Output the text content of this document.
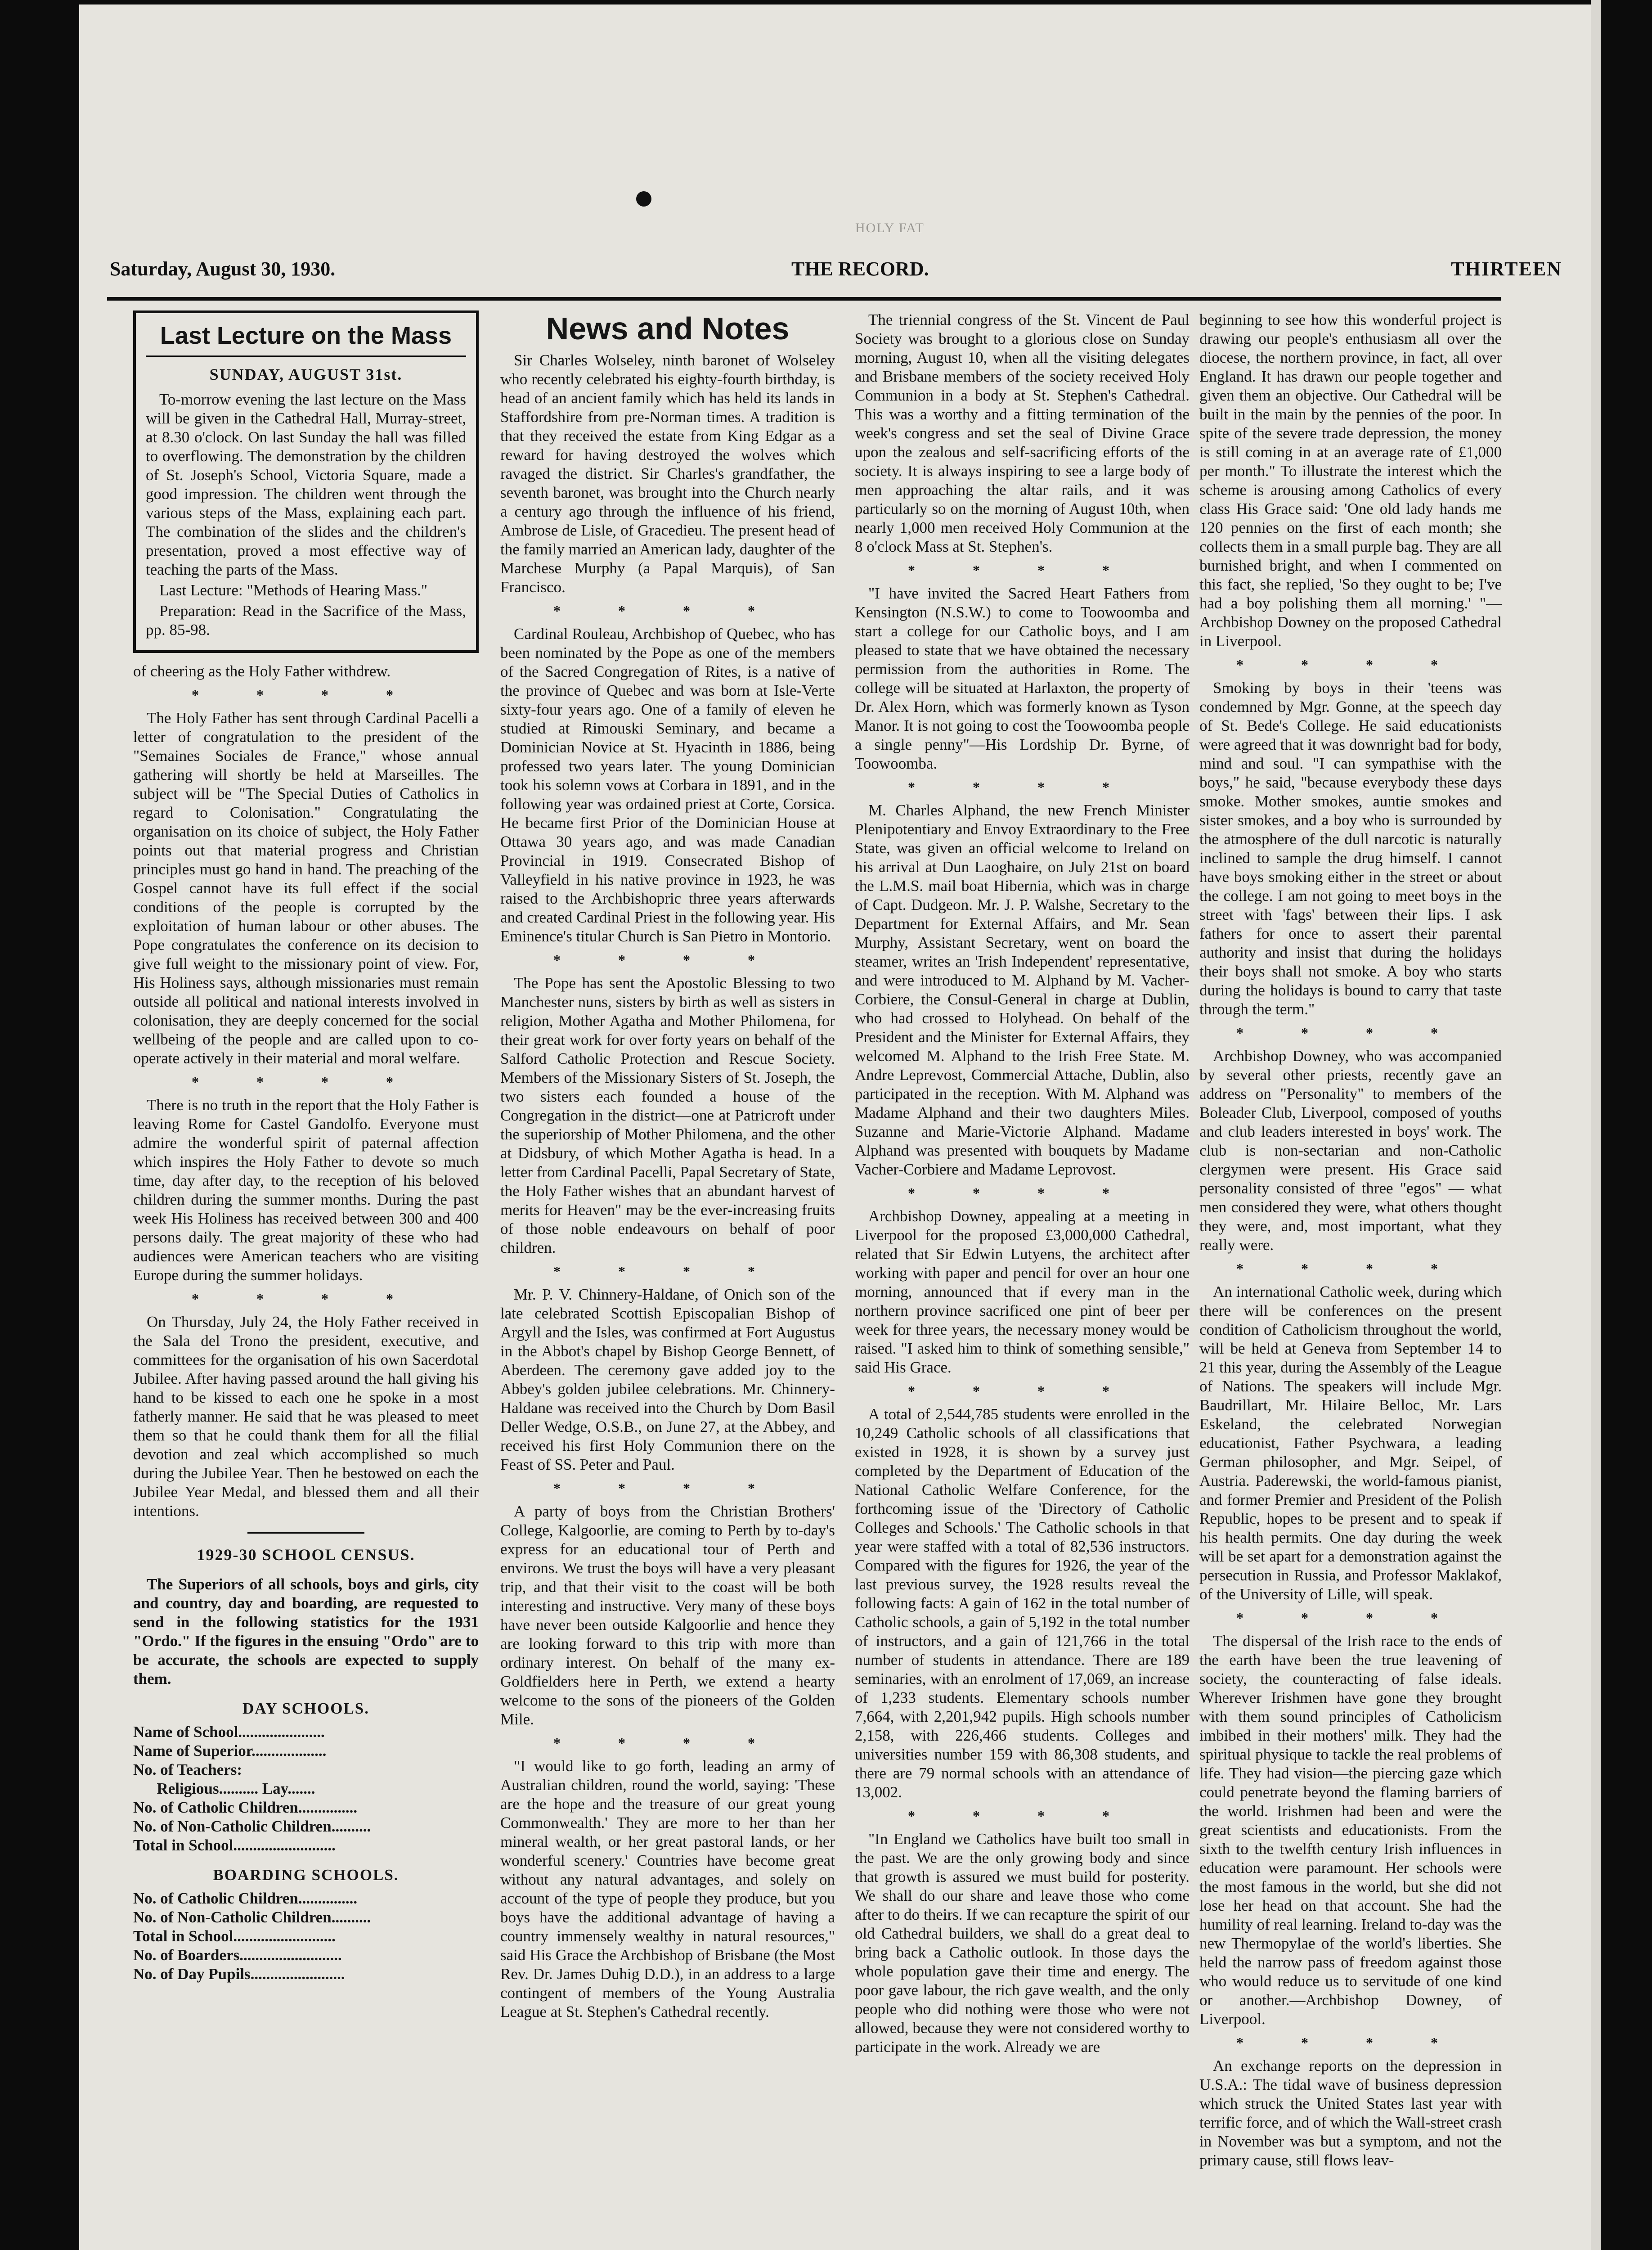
HOLY FAT
Saturday, August 30, 1930.	THE RECORD.	THIRTEEN
Last Lecture on the Mass
SUNDAY, AUGUST 31st.

To-morrow evening the last lecture on the Mass will be given in the Cathedral Hall, Murray-street, at 8.30 o'clock. On last Sunday the hall was filled to overflowing. The demonstration by the children of St. Joseph's School, Victoria Square, made a good impression. The children went through the various steps of the Mass, explaining each part. The combination of the slides and the children's presentation, proved a most effective way of teaching the parts of the Mass.

Last Lecture: "Methods of Hearing Mass."

Preparation: Read in the Sacrifice of the Mass, pp. 85-98.

of cheering as the Holy Father withdrew.

* * * *

The Holy Father has sent through Cardinal Pacelli a letter of congratulation to the president of the "Semaines Sociales de France," whose annual gathering will shortly be held at Marseilles. The subject will be "The Special Duties of Catholics in regard to Colonisation." Congratulating the organisation on its choice of subject, the Holy Father points out that material progress and Christian principles must go hand in hand. The preaching of the Gospel cannot have its full effect if the social conditions of the people is corrupted by the exploitation of human labour or other abuses. The Pope congratulates the conference on its decision to give full weight to the missionary point of view. For, His Holiness says, although missionaries must remain outside all political and national interests involved in colonisation, they are deeply concerned for the social wellbeing of the people and are called upon to co-operate actively in their material and moral welfare.

* * * *

There is no truth in the report that the Holy Father is leaving Rome for Castel Gandolfo. Everyone must admire the wonderful spirit of paternal affection which inspires the Holy Father to devote so much time, day after day, to the reception of his beloved children during the summer months. During the past week His Holiness has received between 300 and 400 persons daily. The great majority of these who had audiences were American teachers who are visiting Europe during the summer holidays.

* * * *

On Thursday, July 24, the Holy Father received in the Sala del Trono the president, executive, and committees for the organisation of his own Sacerdotal Jubilee. After having passed around the hall giving his hand to be kissed to each one he spoke in a most fatherly manner. He said that he was pleased to meet them so that he could thank them for all the filial devotion and zeal which accomplished so much during the Jubilee Year. Then he bestowed on each the Jubilee Year Medal, and blessed them and all their intentions.

1929-30 SCHOOL CENSUS.

The Superiors of all schools, boys and girls, city and country, day and boarding, are requested to send in the following statistics for the 1931 "Ordo." If the figures in the ensuing "Ordo" are to be accurate, the schools are expected to supply them.

DAY SCHOOLS.
Name of School......................
Name of Superior...................
No. of Teachers:
Religious.......... Lay.......
No. of Catholic Children...............
No. of Non-Catholic Children..........
Total in School..........................
BOARDING SCHOOLS.
No. of Catholic Children...............
No. of Non-Catholic Children..........
Total in School..........................
No. of Boarders..........................
No. of Day Pupils........................
News and Notes

Sir Charles Wolseley, ninth baronet of Wolseley who recently celebrated his eighty-fourth birthday, is head of an ancient family which has held its lands in Staffordshire from pre-Norman times. A tradition is that they received the estate from King Edgar as a reward for having destroyed the wolves which ravaged the district. Sir Charles's grandfather, the seventh baronet, was brought into the Church nearly a century ago through the influence of his friend, Ambrose de Lisle, of Gracedieu. The present head of the family married an American lady, daughter of the Marchese Murphy (a Papal Marquis), of San Francisco.

* * * *

Cardinal Rouleau, Archbishop of Quebec, who has been nominated by the Pope as one of the members of the Sacred Congregation of Rites, is a native of the province of Quebec and was born at Isle-Verte sixty-four years ago. One of a family of eleven he studied at Rimouski Seminary, and became a Dominician Novice at St. Hyacinth in 1886, being professed two years later. The young Dominician took his solemn vows at Corbara in 1891, and in the following year was ordained priest at Corte, Corsica. He became first Prior of the Dominician House at Ottawa 30 years ago, and was made Canadian Provincial in 1919. Consecrated Bishop of Valleyfield in his native province in 1923, he was raised to the Archbishopric three years afterwards and created Cardinal Priest in the following year. His Eminence's titular Church is San Pietro in Montorio.

* * * *

The Pope has sent the Apostolic Blessing to two Manchester nuns, sisters by birth as well as sisters in religion, Mother Agatha and Mother Philomena, for their great work for over forty years on behalf of the Salford Catholic Protection and Rescue Society. Members of the Missionary Sisters of St. Joseph, the two sisters each founded a house of the Congregation in the district—one at Patricroft under the superiorship of Mother Philomena, and the other at Didsbury, of which Mother Agatha is head. In a letter from Cardinal Pacelli, Papal Secretary of State, the Holy Father wishes that an abundant harvest of merits for Heaven" may be the ever-increasing fruits of those noble endeavours on behalf of poor children.

* * * *

Mr. P. V. Chinnery-Haldane, of Onich son of the late celebrated Scottish Episcopalian Bishop of Argyll and the Isles, was confirmed at Fort Augustus in the Abbot's chapel by Bishop George Bennett, of Aberdeen. The ceremony gave added joy to the Abbey's golden jubilee celebrations. Mr. Chinnery-Haldane was received into the Church by Dom Basil Deller Wedge, O.S.B., on June 27, at the Abbey, and received his first Holy Communion there on the Feast of SS. Peter and Paul.

* * * *

A party of boys from the Christian Brothers' College, Kalgoorlie, are coming to Perth by to-day's express for an educational tour of Perth and environs. We trust the boys will have a very pleasant trip, and that their visit to the coast will be both interesting and instructive. Very many of these boys have never been outside Kalgoorlie and hence they are looking forward to this trip with more than ordinary interest. On behalf of the many ex-Goldfielders here in Perth, we extend a hearty welcome to the sons of the pioneers of the Golden Mile.

* * * *

"I would like to go forth, leading an army of Australian children, round the world, saying: 'These are the hope and the treasure of our great young Commonwealth.' They are more to her than her mineral wealth, or her great pastoral lands, or her wonderful scenery.' Countries have become great without any natural advantages, and solely on account of the type of people they produce, but you boys have the additional advantage of having a country immensely wealthy in natural resources," said His Grace the Archbishop of Brisbane (the Most Rev. Dr. James Duhig D.D.), in an address to a large contingent of members of the Young Australia League at St. Stephen's Cathedral recently.

The triennial congress of the St. Vincent de Paul Society was brought to a glorious close on Sunday morning, August 10, when all the visiting delegates and Brisbane members of the society received Holy Communion in a body at St. Stephen's Cathedral. This was a worthy and a fitting termination of the week's congress and set the seal of Divine Grace upon the zealous and self-sacrificing efforts of the society. It is always inspiring to see a large body of men approaching the altar rails, and it was particularly so on the morning of August 10th, when nearly 1,000 men received Holy Communion at the 8 o'clock Mass at St. Stephen's.

* * * *

"I have invited the Sacred Heart Fathers from Kensington (N.S.W.) to come to Toowoomba and start a college for our Catholic boys, and I am pleased to state that we have obtained the necessary permission from the authorities in Rome. The college will be situated at Harlaxton, the property of Dr. Alex Horn, which was formerly known as Tyson Manor. It is not going to cost the Toowoomba people a single penny"—His Lordship Dr. Byrne, of Toowoomba.

* * * *

M. Charles Alphand, the new French Minister Plenipotentiary and Envoy Extraordinary to the Free State, was given an official welcome to Ireland on his arrival at Dun Laoghaire, on July 21st on board the L.M.S. mail boat Hibernia, which was in charge of Capt. Dudgeon. Mr. J. P. Walshe, Secretary to the Department for External Affairs, and Mr. Sean Murphy, Assistant Secretary, went on board the steamer, writes an 'Irish Independent' representative, and were introduced to M. Alphand by M. Vacher-Corbiere, the Consul-General in charge at Dublin, who had crossed to Holyhead. On behalf of the President and the Minister for External Affairs, they welcomed M. Alphand to the Irish Free State. M. Andre Leprevost, Commercial Attache, Dublin, also participated in the reception. With M. Alphand was Madame Alphand and their two daughters Miles. Suzanne and Marie-Victorie Alphand. Madame Alphand was presented with bouquets by Madame Vacher-Corbiere and Madame Leprovost.

* * * *

Archbishop Downey, appealing at a meeting in Liverpool for the proposed £3,000,000 Cathedral, related that Sir Edwin Lutyens, the architect after working with paper and pencil for over an hour one morning, announced that if every man in the northern province sacrificed one pint of beer per week for three years, the necessary money would be raised. "I asked him to think of something sensible," said His Grace.

* * * *

A total of 2,544,785 students were enrolled in the 10,249 Catholic schools of all classifications that existed in 1928, it is shown by a survey just completed by the Department of Education of the National Catholic Welfare Conference, for the forthcoming issue of the 'Directory of Catholic Colleges and Schools.' The Catholic schools in that year were staffed with a total of 82,536 instructors. Compared with the figures for 1926, the year of the last previous survey, the 1928 results reveal the following facts: A gain of 162 in the total number of Catholic schools, a gain of 5,192 in the total number of instructors, and a gain of 121,766 in the total number of students in attendance. There are 189 seminaries, with an enrolment of 17,069, an increase of 1,233 students. Elementary schools number 7,664, with 2,201,942 pupils. High schools number 2,158, with 226,466 students. Colleges and universities number 159 with 86,308 students, and there are 79 normal schools with an attendance of 13,002.

* * * *

"In England we Catholics have built too small in the past. We are the only growing body and since that growth is assured we must build for posterity. We shall do our share and leave those who come after to do theirs. If we can recapture the spirit of our old Cathedral builders, we shall do a great deal to bring back a Catholic outlook. In those days the whole population gave their time and energy. The poor gave labour, the rich gave wealth, and the only people who did nothing were those who were not allowed, because they were not considered worthy to participate in the work. Already we are

beginning to see how this wonderful project is drawing our people's enthusiasm all over the diocese, the northern province, in fact, all over England. It has drawn our people together and given them an objective. Our Cathedral will be built in the main by the pennies of the poor. In spite of the severe trade depression, the money is still coming in at an average rate of £1,000 per month." To illustrate the interest which the scheme is arousing among Catholics of every class His Grace said: 'One old lady hands me 120 pennies on the first of each month; she collects them in a small purple bag. They are all burnished bright, and when I commented on this fact, she replied, 'So they ought to be; I've had a boy polishing them all morning.' "—Archbishop Downey on the proposed Cathedral in Liverpool.

* * * *

Smoking by boys in their 'teens was condemned by Mgr. Gonne, at the speech day of St. Bede's College. He said educationists were agreed that it was downright bad for body, mind and soul. "I can sympathise with the boys," he said, "because everybody these days smoke. Mother smokes, auntie smokes and sister smokes, and a boy who is surrounded by the atmosphere of the dull narcotic is naturally inclined to sample the drug himself. I cannot have boys smoking either in the street or about the college. I am not going to meet boys in the street with 'fags' between their lips. I ask fathers for once to assert their parental authority and insist that during the holidays their boys shall not smoke. A boy who starts during the holidays is bound to carry that taste through the term."

* * * *

Archbishop Downey, who was accompanied by several other priests, recently gave an address on "Personality" to members of the Boleader Club, Liverpool, composed of youths and club leaders interested in boys' work. The club is non-sectarian and non-Catholic clergymen were present. His Grace said personality consisted of three "egos" — what men considered they were, what others thought they were, and, most important, what they really were.

* * * *

An international Catholic week, during which there will be conferences on the present condition of Catholicism throughout the world, will be held at Geneva from September 14 to 21 this year, during the Assembly of the League of Nations. The speakers will include Mgr. Baudrillart, Mr. Hilaire Belloc, Mr. Lars Eskeland, the celebrated Norwegian educationist, Father Psychwara, a leading German philosopher, and Mgr. Seipel, of Austria. Paderewski, the world-famous pianist, and former Premier and President of the Polish Republic, hopes to be present and to speak if his health permits. One day during the week will be set apart for a demonstration against the persecution in Russia, and Professor Maklakof, of the University of Lille, will speak.

* * * *

The dispersal of the Irish race to the ends of the earth have been the true leavening of society, the counteracting of false ideals. Wherever Irishmen have gone they brought with them sound principles of Catholicism imbibed in their mothers' milk. They had the spiritual physique to tackle the real problems of life. They had vision—the piercing gaze which could penetrate beyond the flaming barriers of the world. Irishmen had been and were the great scientists and educationists. From the sixth to the twelfth century Irish influences in education were paramount. Her schools were the most famous in the world, but she did not lose her head on that account. She had the humility of real learning. Ireland to-day was the new Thermopylae of the world's liberties. She held the narrow pass of freedom against those who would reduce us to servitude of one kind or another.—Archbishop Downey, of Liverpool.

* * * *

An exchange reports on the depression in U.S.A.: The tidal wave of business depression which struck the United States last year with terrific force, and of which the Wall-street crash in November was but a symptom, and not the primary cause, still flows leav-
